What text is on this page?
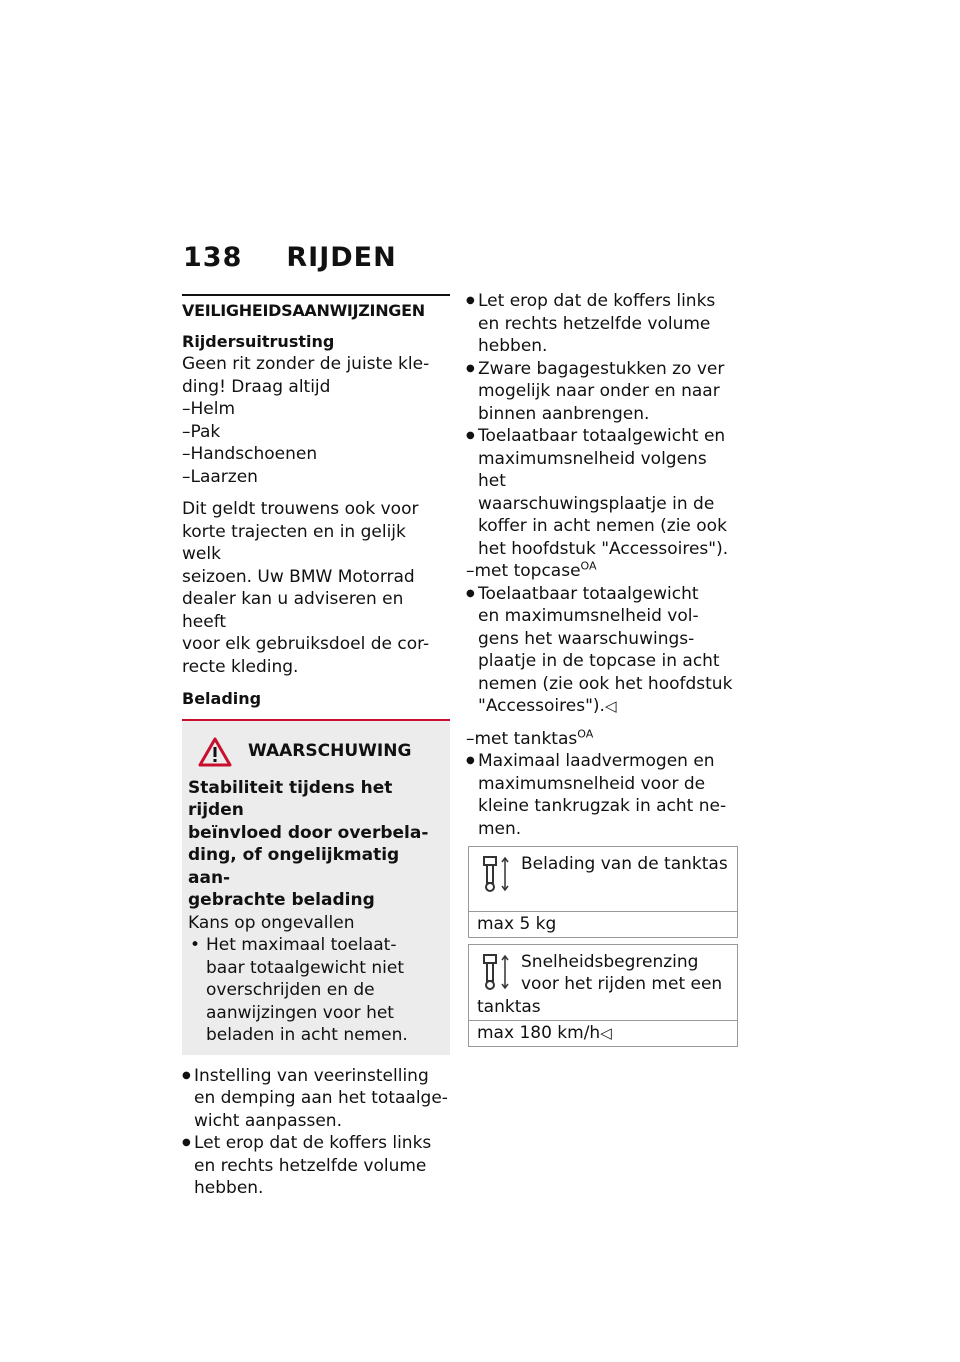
138 RIJDEN
VEILIGHEIDSAANWIJZINGEN
Rijdersuitrusting
Geen rit zonder de juiste kle-
ding! Draag altijd
–Helm
–Pak
–Handschoenen
–Laarzen
Dit geldt trouwens ook voor
korte trajecten en in gelijk welk
seizoen. Uw BMW Motorrad
dealer kan u adviseren en heeft
voor elk gebruiksdoel de cor-
recte kleding.
Belading
WAARSCHUWING
Stabiliteit tijdens het rijden
beïnvloed door overbela-
ding, of ongelijkmatig aan-
gebrachte belading
Kans op ongevallen
• Het maximaal toelaat-
baar totaalgewicht niet
overschrijden en de
aanwijzingen voor het
beladen in acht nemen.
● Instelling van veerinstelling
en demping aan het totaalge-
wicht aanpassen.
● Let erop dat de koffers links
en rechts hetzelfde volume
hebben.
● Let erop dat de koffers links
en rechts hetzelfde volume
hebben.
● Zware bagagestukken zo ver
mogelijk naar onder en naar
binnen aanbrengen.
● Toelaatbaar totaalgewicht en
maximumsnelheid volgens het
waarschuwingsplaatje in de
koffer in acht nemen (zie ook
het hoofdstuk "Accessoires").
–met topcase$^{OA}$
● Toelaatbaar totaalgewicht
en maximumsnelheid vol-
gens het waarschuwings-
plaatje in de topcase in acht
nemen (zie ook het hoofdstuk
"Accessoires").◁
–met tanktas$^{OA}$
● Maximaal laadvermogen en
maximumsnelheid voor de
kleine tankrugzak in acht ne-
men.
Belading van de tanktas
max 5 kg
Snelheidsbegrenzing
voor het rijden met een
tanktas
max 180 km/h◁
